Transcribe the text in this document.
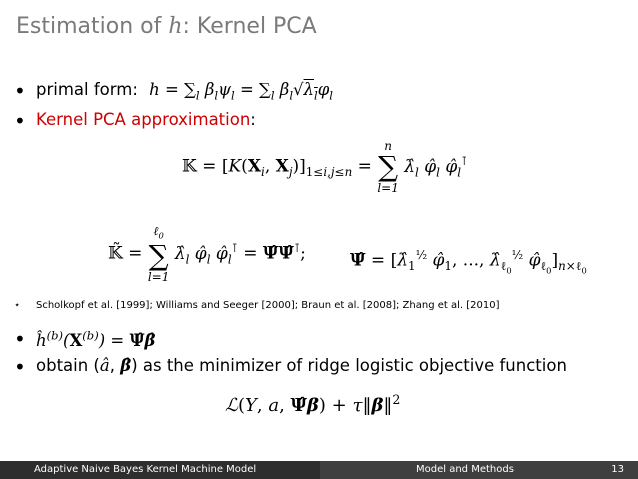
Estimation of h: Kernel PCA
• primal form: $h = \sum_l$ $\beta_l\psi_l = \sum_l$ $\beta_l√\lambda_l\varphi_l$
• Kernel PCA approximation:
𝕂 = [$K(X_i$, $X_j)]_{1\le i,j\le n}$ =
n
∑
l=1
$\lambdâ_l$ $\varphî_l$ $\varphî_l^⊺$
𝕂̃ =
ℓ$_0$
∑
l=1
$\lambdâ_l$ $\varphî_l$ $\varphî_l^⊺$ = Ψ̂Ψ̂⊺;	Ψ̂ = [$\lambdâ_1^{\frac{1}{2}}$ $\varphî_1$, ..., $\lambdâ_{\ell_0}^{\frac{1}{2}}$ $\varphî_{\ell_0}]_{n\times\ell_0}$
⋆ Scholkopf et al. [1999]; Williams and Seeger [2000]; Braun et al. [2008]; Zhang et al. [2010]
• $ĥ^{(b)}(X^{(b)})$ = Ψ̂β̂
• obtain (â, β̂) as the minimizer of ridge logistic objective function
ℒ(Y, a, Ψ̂β) + τ‖β‖$^2$
Adaptive Naive Bayes Kernel Machine Model	Model and Methods	13
